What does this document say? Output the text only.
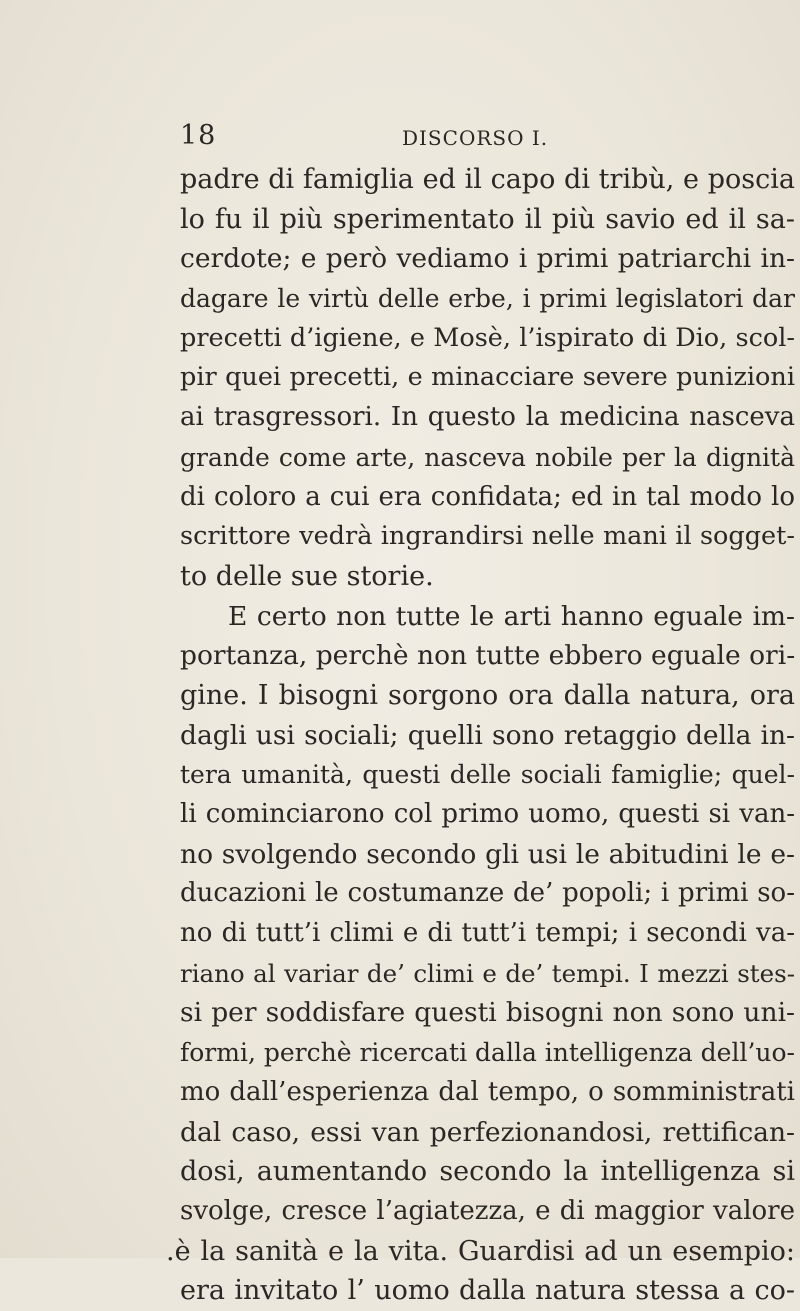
18	DISCORSO I.
padre di famiglia ed il capo di tribù, e poscia
lo fu il più sperimentato il più savio ed il sa-
cerdote; e però vediamo i primi patriarchi in-
dagare le virtù delle erbe, i primi legislatori dar
precetti d’igiene, e Mosè, l’ispirato di Dio, scol-
pir quei precetti, e minacciare severe punizioni
ai trasgressori. In questo la medicina nasceva
grande come arte, nasceva nobile per la dignità
di coloro a cui era confidata; ed in tal modo lo
scrittore vedrà ingrandirsi nelle mani il sogget-
to delle sue storie.
E certo non tutte le arti hanno eguale im-
portanza, perchè non tutte ebbero eguale ori-
gine. I bisogni sorgono ora dalla natura, ora
dagli usi sociali; quelli sono retaggio della in-
tera umanità, questi delle sociali famiglie; quel-
li cominciarono col primo uomo, questi si van-
no svolgendo secondo gli usi le abitudini le e-
ducazioni le costumanze de’ popoli; i primi so-
no di tutt’i climi e di tutt’i tempi; i secondi va-
riano al variar de’ climi e de’ tempi. I mezzi stes-
si per soddisfare questi bisogni non sono uni-
formi, perchè ricercati dalla intelligenza dell’uo-
mo dall’esperienza dal tempo, o somministrati
dal caso, essi van perfezionandosi, rettifican-
dosi, aumentando secondo la intelligenza si
svolge, cresce l’agiatezza, e di maggior valore
.è la sanità e la vita. Guardisi ad un esempio:
era invitato l’ uomo dalla natura stessa a co-
